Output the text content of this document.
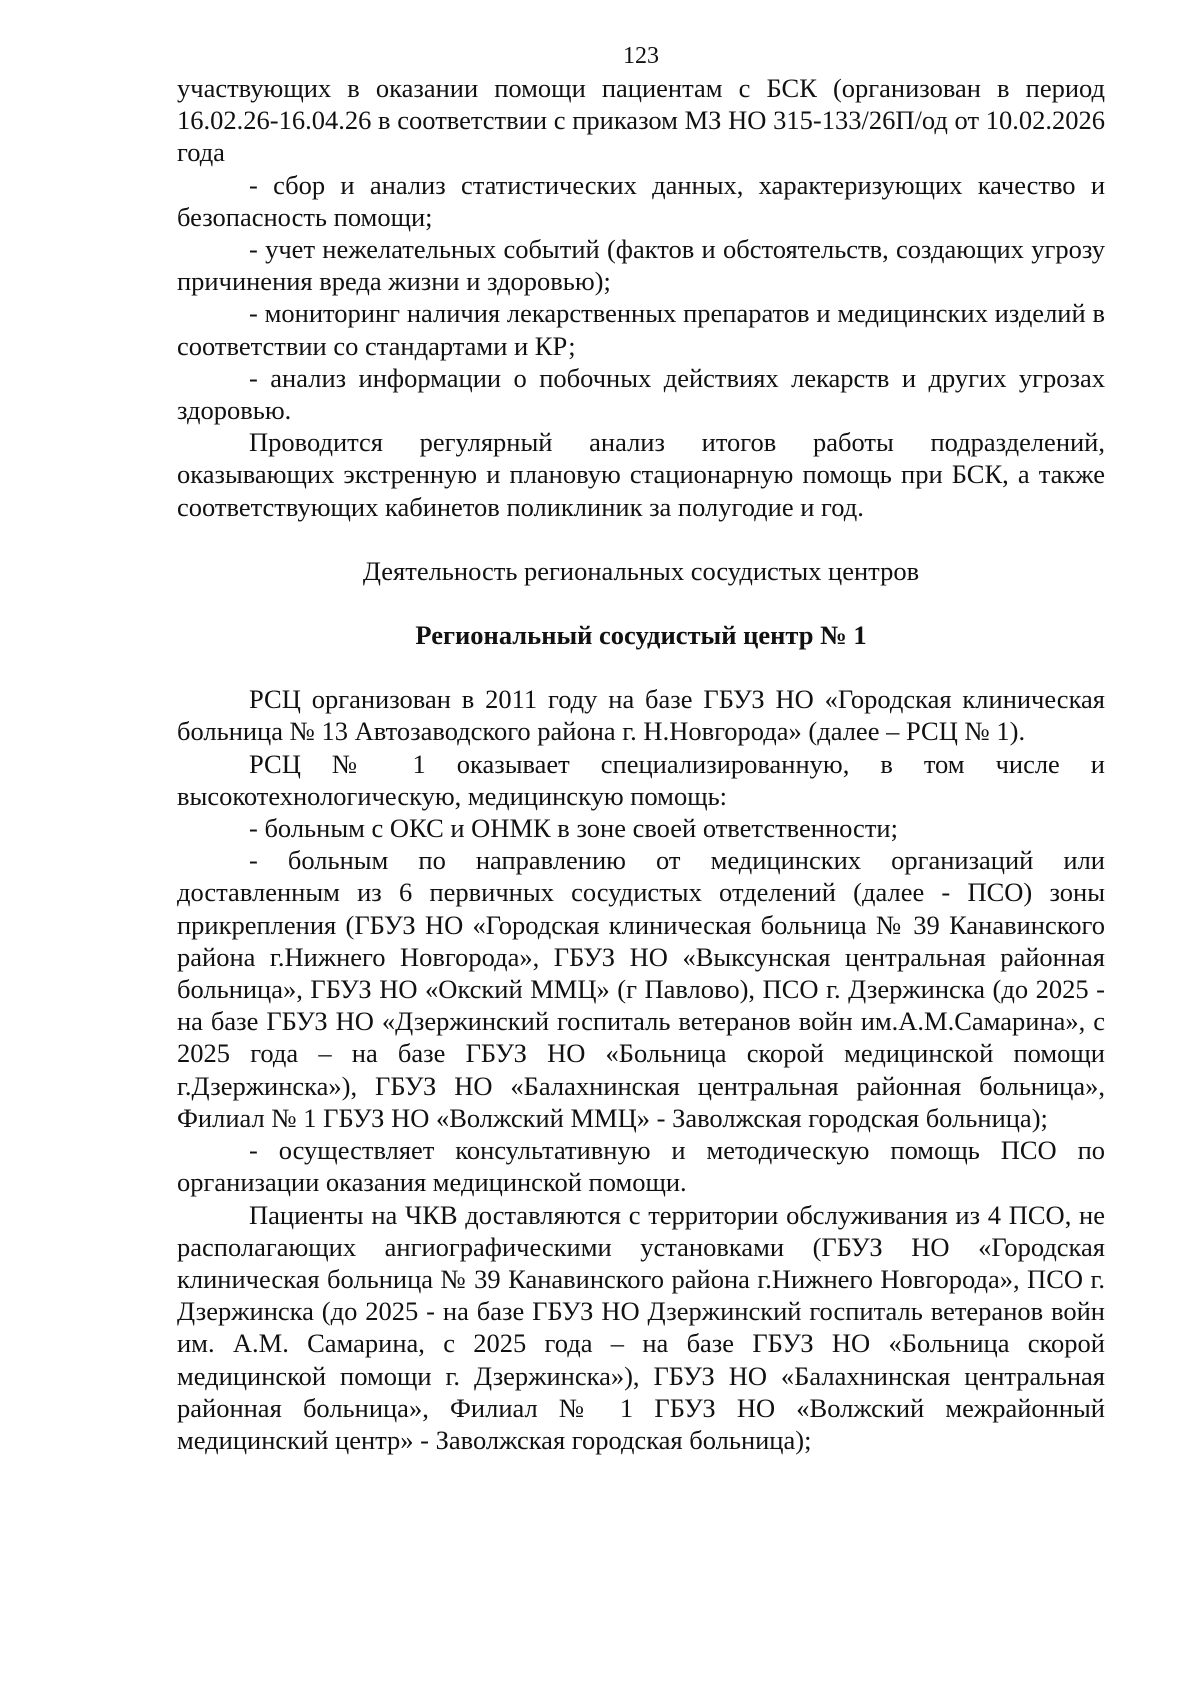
123

участвующих в оказании помощи пациентам с БСК (организован в период 16.02.26-16.04.26 в соответствии с приказом МЗ НО 315-133/26П/од от 10.02.2026 года

- сбор и анализ статистических данных, характеризующих качество и безопасность помощи;

- учет нежелательных событий (фактов и обстоятельств, создающих угрозу причинения вреда жизни и здоровью);

- мониторинг наличия лекарственных препаратов и медицинских изделий в соответствии со стандартами и КР;

- анализ информации о побочных действиях лекарств и других угрозах здоровью.

Проводится регулярный анализ итогов работы подразделений, оказывающих экстренную и плановую стационарную помощь при БСК, а также соответствующих кабинетов поликлиник за полугодие и год.

Деятельность региональных сосудистых центров

Региональный сосудистый центр № 1

РСЦ организован в 2011 году на базе ГБУЗ НО «Городская клиническая больница № 13 Автозаводского района г. Н.Новгорода» (далее – РСЦ № 1).

РСЦ № 1 оказывает специализированную, в том числе и высокотехнологическую, медицинскую помощь:

- больным с ОКС и ОНМК в зоне своей ответственности;

- больным по направлению от медицинских организаций или доставленным из 6 первичных сосудистых отделений (далее - ПСО) зоны прикрепления (ГБУЗ НО «Городская клиническая больница № 39 Канавинского района г.Нижнего Новгорода», ГБУЗ НО «Выксунская центральная районная больница», ГБУЗ НО «Окский ММЦ» (г Павлово), ПСО г. Дзержинска (до 2025 - на базе ГБУЗ НО «Дзержинский госпиталь ветеранов войн им.А.М.Самарина», с 2025 года – на базе ГБУЗ НО «Больница скорой медицинской помощи г.Дзержинска»), ГБУЗ НО «Балахнинская центральная районная больница», Филиал № 1 ГБУЗ НО «Волжский ММЦ» - Заволжская городская больница);

- осуществляет консультативную и методическую помощь ПСО по организации оказания медицинской помощи.

Пациенты на ЧКВ доставляются с территории обслуживания из 4 ПСО, не располагающих ангиографическими установками (ГБУЗ НО «Городская клиническая больница № 39 Канавинского района г.Нижнего Новгорода», ПСО г. Дзержинска (до 2025 - на базе ГБУЗ НО Дзержинский госпиталь ветеранов войн им. А.М. Самарина, с 2025 года – на базе ГБУЗ НО «Больница скорой медицинской помощи г. Дзержинска»), ГБУЗ НО «Балахнинская центральная районная больница», Филиал № 1 ГБУЗ НО «Волжский межрайонный медицинский центр» - Заволжская городская больница);
